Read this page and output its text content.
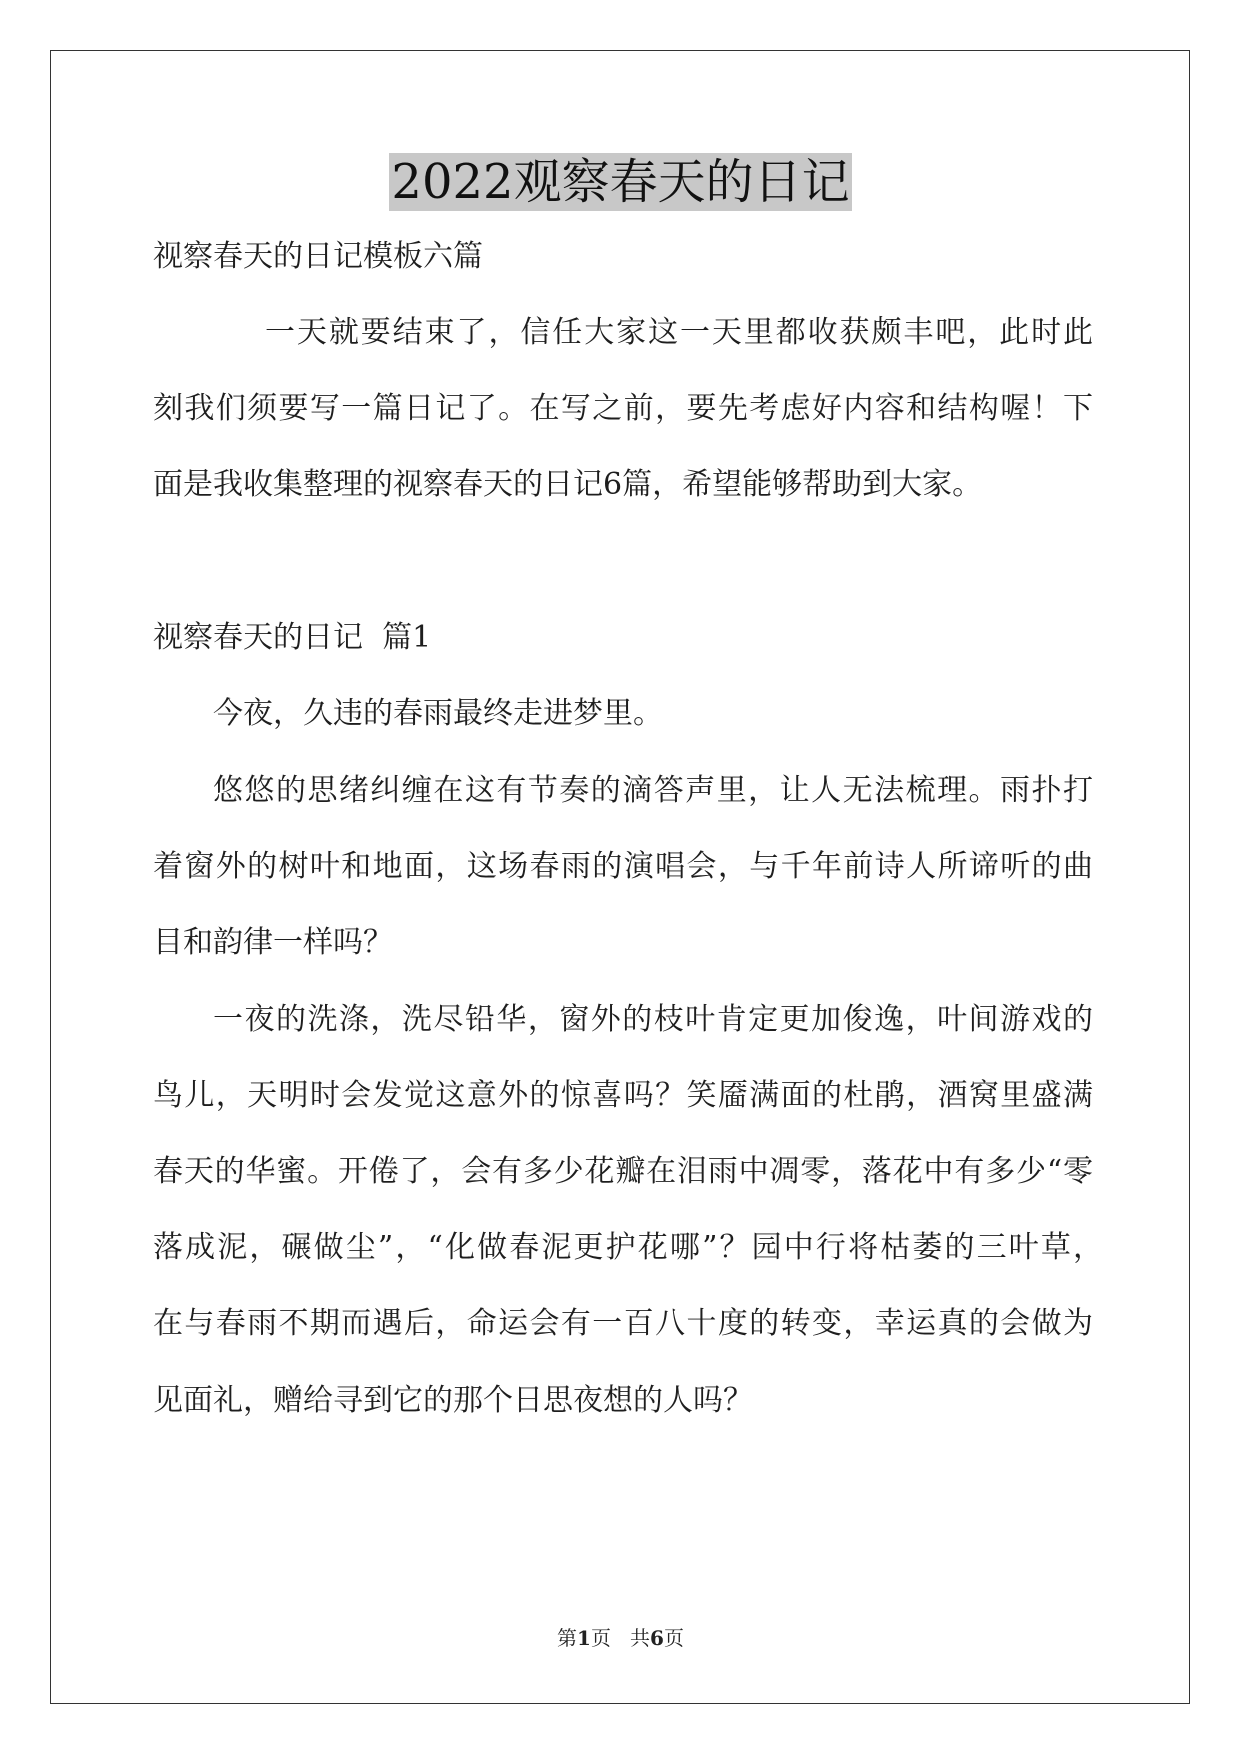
2022观察春天的日记
视察春天的日记模板六篇
一天就要结束了，信任大家这一天里都收获颇丰吧，此时此
刻我们须要写一篇日记了。在写之前，要先考虑好内容和结构喔！下
面是我收集整理的视察春天的日记6篇，希望能够帮助到大家。
视察春天的日记  篇1
今夜，久违的春雨最终走进梦里。
悠悠的思绪纠缠在这有节奏的滴答声里，让人无法梳理。雨扑打
着窗外的树叶和地面，这场春雨的演唱会，与千年前诗人所谛听的曲
目和韵律一样吗？
一夜的洗涤，洗尽铅华，窗外的枝叶肯定更加俊逸，叶间游戏的
鸟儿，天明时会发觉这意外的惊喜吗？笑靥满面的杜鹃，酒窝里盛满
春天的华蜜。开倦了，会有多少花瓣在泪雨中凋零，落花中有多少“零
落成泥，碾做尘”，“化做春泥更护花哪”？园中行将枯萎的三叶草，
在与春雨不期而遇后，命运会有一百八十度的转变，幸运真的会做为
见面礼，赠给寻到它的那个日思夜想的人吗？
第1页   共6页
